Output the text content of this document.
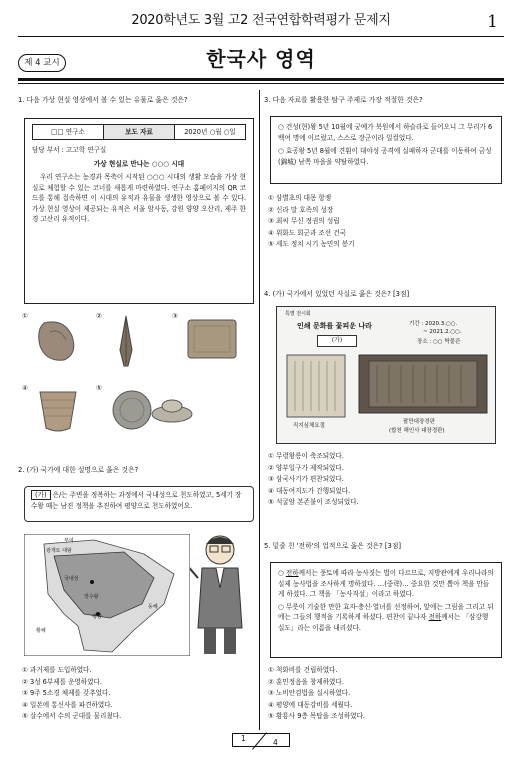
2020학년도 3월 고2 전국연합학력평가 문제지	1
제 4 교시	한국사 영역
1. 다음 가상 현실 영상에서 볼 수 있는 유물로 옳은 것은?
□□ 연구소	보도 자료	2020년 ○월 ○일
담당 부서 : 고고학 연구실
가상 현실로 만나는 ○○○ 시대
우리 연구소는 농경과 목축이 시작된 ○○○ 시대의 생활 모습을 가상 현실로 체험할 수 있는 코너를 새롭게 마련하였다. 연구소 홈페이지의 QR 코드를 통해 접속하면 이 시대의 유적과 유물을 생생한 영상으로 볼 수 있다. 가상 현실 영상이 제공되는 유적은 서울 암사동, 강원 양양 오산리, 제주 한경 고산리 유적이다.
①	②	③
④	⑤
2. (가) 국가에 대한 설명으로 옳은 것은?
(가) 은/는 주변을 정복하는 과정에서 국내성으로 천도하였고, 5세기 장수왕 때는 남진 정책을 추진하여 평양으로 천도하였어요.
부여
국내성
광개토 대왕
장수왕
평양
동해
황해
① 과거제를 도입하였다.
② 3성 6부제를 운영하였다.
③ 9주 5소경 체제를 갖추었다.
④ 일본에 통신사를 파견하였다.
⑤ 살수에서 수의 군대를 물리쳤다.
3. 다음 자료를 활용한 탐구 주제로 가장 적절한 것은?
○ 건성(현)왕 5년 10월에 궁예가 북원에서 하슬라로 들어오니 그 무리가 6백여 명에 이르렀고, 스스로 장군이라 일컬었다.
○ 효공왕 5년 8월에 견훤이 대야성 공격에 실패하자 군대를 이동하여 금성(錦城) 남쪽 마을을 약탈하였다.
① 삼별초의 대몽 항쟁
② 신라 말 호족의 성장
③ 최씨 무신 정권의 성립
④ 위화도 회군과 조선 건국
⑤ 세도 정치 시기 농민의 봉기
4. (가) 국가에서 있었던 사실로 옳은 것은? [3점]
특별 전시회
인쇄 문화를 꽃피운 나라
(가)
기간 : 2020.3.○○.
~ 2021.2.○○.
장소 : ○○ 박물관
직지심체요절
팔만대장경판
(합천 해인사 대장경판)
① 무령왕릉이 축조되었다.
② 양부일구가 제작되었다.
③ 삼국사기가 편찬되었다.
④ 대동여지도가 간행되었다.
⑤ 석굴암 본존불이 조성되었다.
5. 밑줄 친 '전하'의 업적으로 옳은 것은? [3점]
○ 전하께서는 풍토에 따라 농사짓는 법이 다르므로, 지방관에게 우리나라의 실제 농사법을 조사하게 명하셨다. …(중략)… 중요한 것만 뽑아 책을 만들게 하셨다. 그 책을 「농사직설」이라고 하였다.
○ 무릇이 기술한 만한 효자·충신·열녀를 선정하여, 앞에는 그림을 그리고 뒤에는 그들의 행적을 기록하게 하셨다. 편찬이 끝나자 전하께서는 「삼강행실도」라는 이름을 내리셨다.
① 척화비를 건립하였다.
② 훈민정음을 창제하였다.
③ 노비안검법을 실시하였다.
④ 평양에 대동강비를 세웠다.
⑤ 황룡사 9층 목탑을 조성하였다.
1	4
